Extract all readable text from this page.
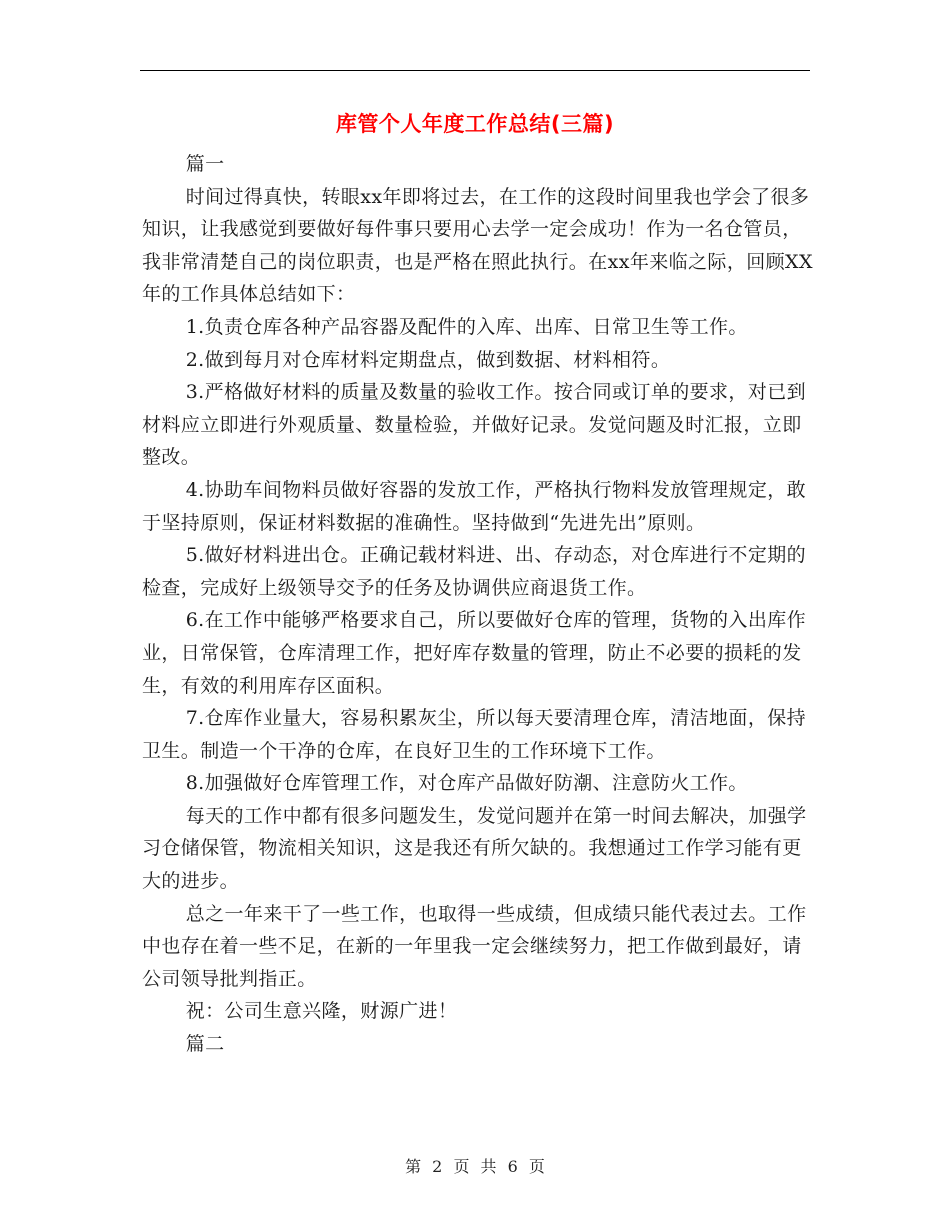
库管个人年度工作总结(三篇)

篇一

时间过得真快，转眼xx年即将过去，在工作的这段时间里我也学会了很多知识，让我感觉到要做好每件事只要用心去学一定会成功！作为一名仓管员，我非常清楚自己的岗位职责，也是严格在照此执行。在xx年来临之际，回顾XX年的工作具体总结如下：

1.负责仓库各种产品容器及配件的入库、出库、日常卫生等工作。

2.做到每月对仓库材料定期盘点，做到数据、材料相符。

3.严格做好材料的质量及数量的验收工作。按合同或订单的要求，对已到材料应立即进行外观质量、数量检验，并做好记录。发觉问题及时汇报，立即整改。

4.协助车间物料员做好容器的发放工作，严格执行物料发放管理规定，敢于坚持原则，保证材料数据的准确性。坚持做到“先进先出”原则。

5.做好材料进出仓。正确记载材料进、出、存动态，对仓库进行不定期的检查，完成好上级领导交予的任务及协调供应商退货工作。

6.在工作中能够严格要求自己，所以要做好仓库的管理，货物的入出库作业，日常保管，仓库清理工作，把好库存数量的管理，防止不必要的损耗的发生，有效的利用库存区面积。

7.仓库作业量大，容易积累灰尘，所以每天要清理仓库，清洁地面，保持卫生。制造一个干净的仓库，在良好卫生的工作环境下工作。

8.加强做好仓库管理工作，对仓库产品做好防潮、注意防火工作。

每天的工作中都有很多问题发生，发觉问题并在第一时间去解决，加强学习仓储保管，物流相关知识，这是我还有所欠缺的。我想通过工作学习能有更大的进步。

总之一年来干了一些工作，也取得一些成绩，但成绩只能代表过去。工作中也存在着一些不足，在新的一年里我一定会继续努力，把工作做到最好，请公司领导批判指正。

祝：公司生意兴隆，财源广进！

篇二

第 2 页 共 6 页
